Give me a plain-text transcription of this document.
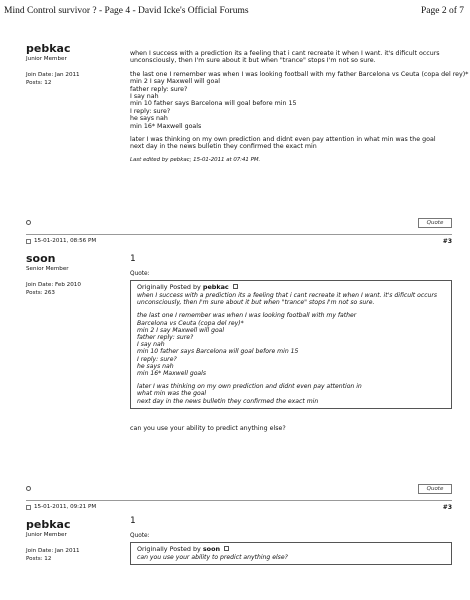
Mind Control survivor ? - Page 4 - David Icke's Official Forums	Page 2 of 7
pebkac
Junior Member
Join Date: Jan 2011
Posts: 12

when I success with a prediction its a feeling that i cant recreate it when I want. it's dificult occurs unconsciously, then I'm sure about it but when "trance" stops I'm not so sure.

the last one I remember was when I was looking football with my father Barcelona vs Ceuta (copa del rey)*
min 2 I say Maxwell will goal
father reply: sure?
I say nah
min 10 father says Barcelona will goal before min 15
I reply: sure?
he says nah
min 16* Maxwell goals

later I was thinking on my own prediction and didnt even pay attention in what min was the goal
next day in the news bulletin they confirmed the exact min

Last edited by pebkac; 15-01-2011 at 07:41 PM.

Quote
15-01-2011, 08:56 PM	#3
soon
Senior Member
Join Date: Feb 2010
Posts: 263
1
Quote:
Originally Posted by pebkac

when I success with a prediction its a feeling that i cant recreate it when I want. it's dificult occurs unconsciously, then I'm sure about it but when "trance" stops I'm not so sure.

the last one I remember was when I was looking football with my father
Barcelona vs Ceuta (copa del rey)*
min 2 I say Maxwell will goal
father reply: sure?
I say nah
min 10 father says Barcelona will goal before min 15
I reply: sure?
he says nah
min 16* Maxwell goals

later I was thinking on my own prediction and didnt even pay attention in
what min was the goal
next day in the news bulletin they confirmed the exact min

can you use your ability to predict anything else?
Quote
15-01-2011, 09:21 PM	#3
pebkac
Junior Member
Join Date: Jan 2011
Posts: 12
1
Quote:
Originally Posted by soon
can you use your ability to predict anything else?
